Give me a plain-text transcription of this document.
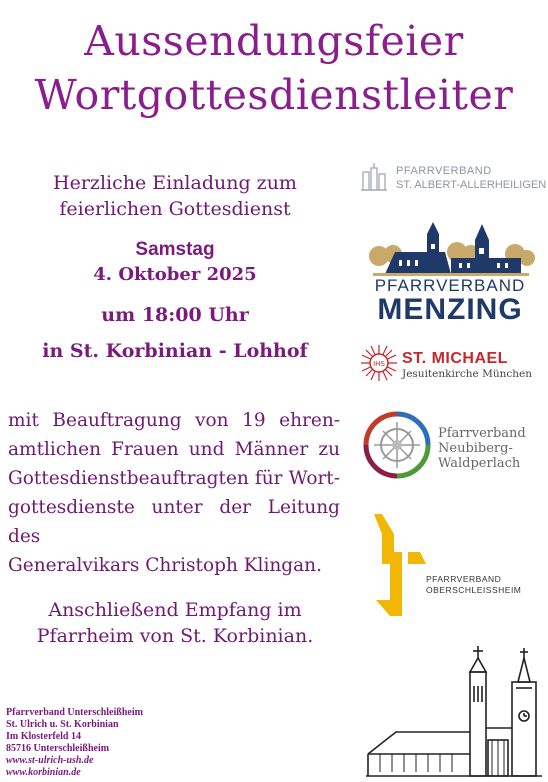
Aussendungsfeier
Wortgottesdienstleiter
Herzliche Einladung zum
feierlichen Gottesdienst
Samstag
4. Oktober 2025
um 18:00 Uhr
in St. Korbinian - Lohhof
mit Beauftragung von 19 ehren-
amtlichen Frauen und Männer zu
Gottesdienstbeauftragten für Wort-
gottesdienste unter der Leitung des
Generalvikars Christoph Klingan.
Anschließend Empfang im
Pfarrheim von St. Korbinian.
Pfarrverband Unterschleißheim
St. Ulrich u. St. Korbinian
Im Klosterfeld 14
85716 Unterschleißheim
www.st-ulrich-ush.de
www.korbinian.de
PFARRVERBAND
ST. ALBERT-ALLERHEILIGEN
PFARRVERBAND
MENZING
IHS ST. MICHAEL
Jesuitenkirche München
Pfarrverband
Neubiberg-
Waldperlach
PFARRVERBAND
OBERSCHLEISSHEIM
